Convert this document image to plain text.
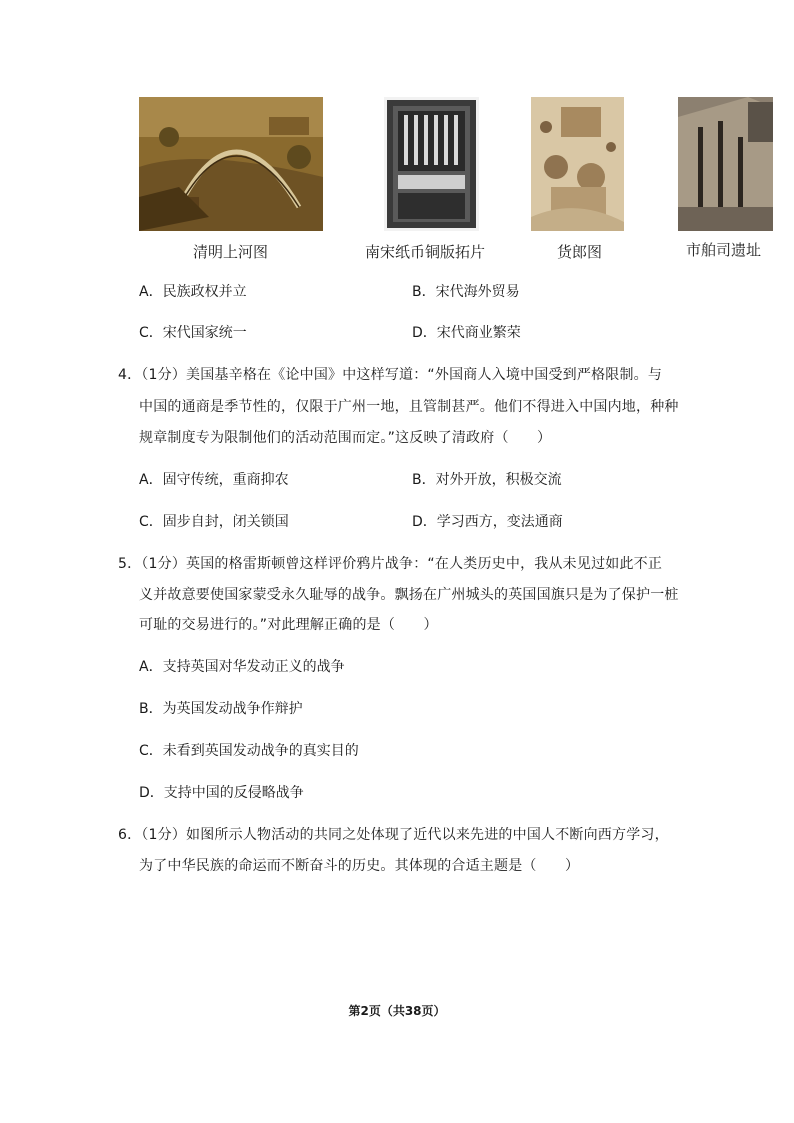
清明上河图	南宋纸币铜版拓片	货郎图	市舶司遗址
A．民族政权并立	B．宋代海外贸易
C．宋代国家统一	D．宋代商业繁荣
4．（1分）美国基辛格在《论中国》中这样写道：“外国商人入境中国受到严格限制。与
中国的通商是季节性的，仅限于广州一地，且管制甚严。他们不得进入中国内地，种种
规章制度专为限制他们的活动范围而定。”这反映了清政府（　　）
A．固守传统，重商抑农	B．对外开放，积极交流
C．固步自封，闭关锁国	D．学习西方，变法通商
5．（1分）英国的格雷斯顿曾这样评价鸦片战争：“在人类历史中，我从未见过如此不正
义并故意要使国家蒙受永久耻辱的战争。飘扬在广州城头的英国国旗只是为了保护一桩
可耻的交易进行的。”对此理解正确的是（　　）
A．支持英国对华发动正义的战争
B．为英国发动战争作辩护
C．未看到英国发动战争的真实目的
D．支持中国的反侵略战争
6．（1分）如图所示人物活动的共同之处体现了近代以来先进的中国人不断向西方学习，
为了中华民族的命运而不断奋斗的历史。其体现的合适主题是（　　）
第2页（共38页）
